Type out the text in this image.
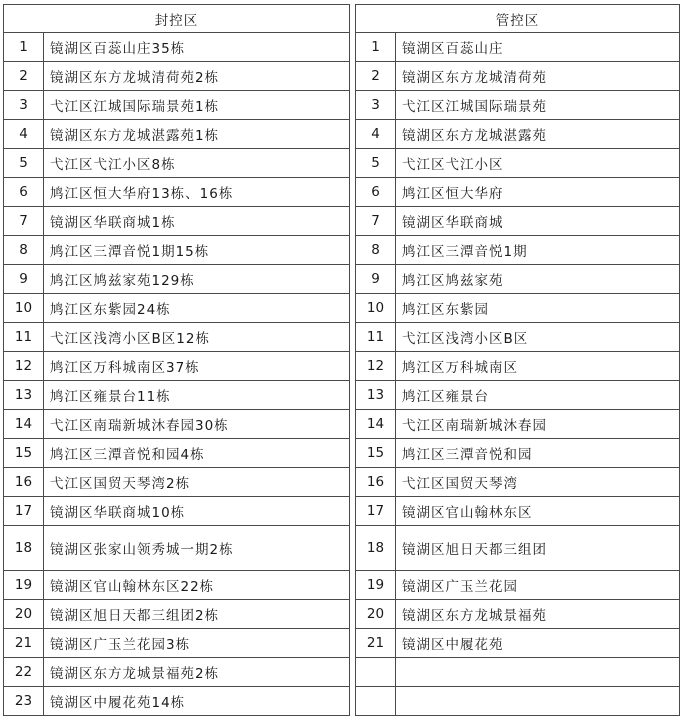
封控区			管控区	
1	镜湖区百蕊山庄35栋		1	镜湖区百蕊山庄
2	镜湖区东方龙城清荷苑2栋		2	镜湖区东方龙城清荷苑
3	弋江区江城国际瑞景苑1栋		3	弋江区江城国际瑞景苑
4	镜湖区东方龙城湛露苑1栋		4	镜湖区东方龙城湛露苑
5	弋江区弋江小区8栋		5	弋江区弋江小区
6	鸠江区恒大华府13栋、16栋		6	鸠江区恒大华府
7	镜湖区华联商城1栋		7	镜湖区华联商城
8	鸠江区三潭音悦1期15栋		8	鸠江区三潭音悦1期
9	鸠江区鸠兹家苑129栋		9	鸠江区鸠兹家苑
10	鸠江区东紫园24栋		10	鸠江区东紫园
11	弋江区浅湾小区B区12栋		11	弋江区浅湾小区B区
12	鸠江区万科城南区37栋		12	鸠江区万科城南区
13	鸠江区雍景台11栋		13	鸠江区雍景台
14	弋江区南瑞新城沐春园30栋		14	弋江区南瑞新城沐春园
15	鸠江区三潭音悦和园4栋		15	鸠江区三潭音悦和园
16	弋江区国贸天琴湾2栋		16	弋江区国贸天琴湾
17	镜湖区华联商城10栋		17	镜湖区官山翰林东区
18	镜湖区张家山领秀城一期2栋		18	镜湖区旭日天都三组团
19	镜湖区官山翰林东区22栋		19	镜湖区广玉兰花园
20	镜湖区旭日天都三组团2栋		20	镜湖区东方龙城景福苑
21	镜湖区广玉兰花园3栋		21	镜湖区中履花苑
22	镜湖区东方龙城景福苑2栋			
23	镜湖区中履花苑14栋			
